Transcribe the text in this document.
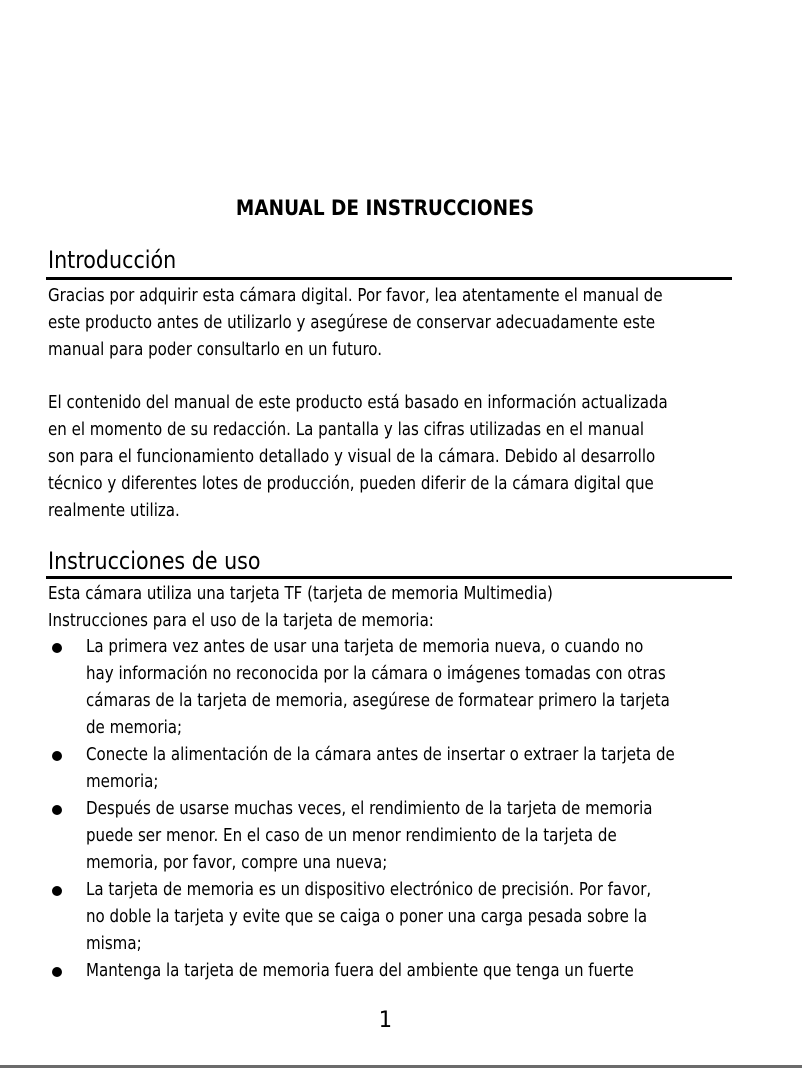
MANUAL DE INSTRUCCIONES
Introducción
Gracias por adquirir esta cámara digital. Por favor, lea atentamente el manual de
este producto antes de utilizarlo y asegúrese de conservar adecuadamente este
manual para poder consultarlo en un futuro.
El contenido del manual de este producto está basado en información actualizada
en el momento de su redacción. La pantalla y las cifras utilizadas en el manual
son para el funcionamiento detallado y visual de la cámara. Debido al desarrollo
técnico y diferentes lotes de producción, pueden diferir de la cámara digital que
realmente utiliza.
Instrucciones de uso
Esta cámara utiliza una tarjeta TF (tarjeta de memoria Multimedia)
Instrucciones para el uso de la tarjeta de memoria:
La primera vez antes de usar una tarjeta de memoria nueva, o cuando no
hay información no reconocida por la cámara o imágenes tomadas con otras
cámaras de la tarjeta de memoria, asegúrese de formatear primero la tarjeta
de memoria;
Conecte la alimentación de la cámara antes de insertar o extraer la tarjeta de
memoria;
Después de usarse muchas veces, el rendimiento de la tarjeta de memoria
puede ser menor. En el caso de un menor rendimiento de la tarjeta de
memoria, por favor, compre una nueva;
La tarjeta de memoria es un dispositivo electrónico de precisión. Por favor,
no doble la tarjeta y evite que se caiga o poner una carga pesada sobre la
misma;
Mantenga la tarjeta de memoria fuera del ambiente que tenga un fuerte
1
